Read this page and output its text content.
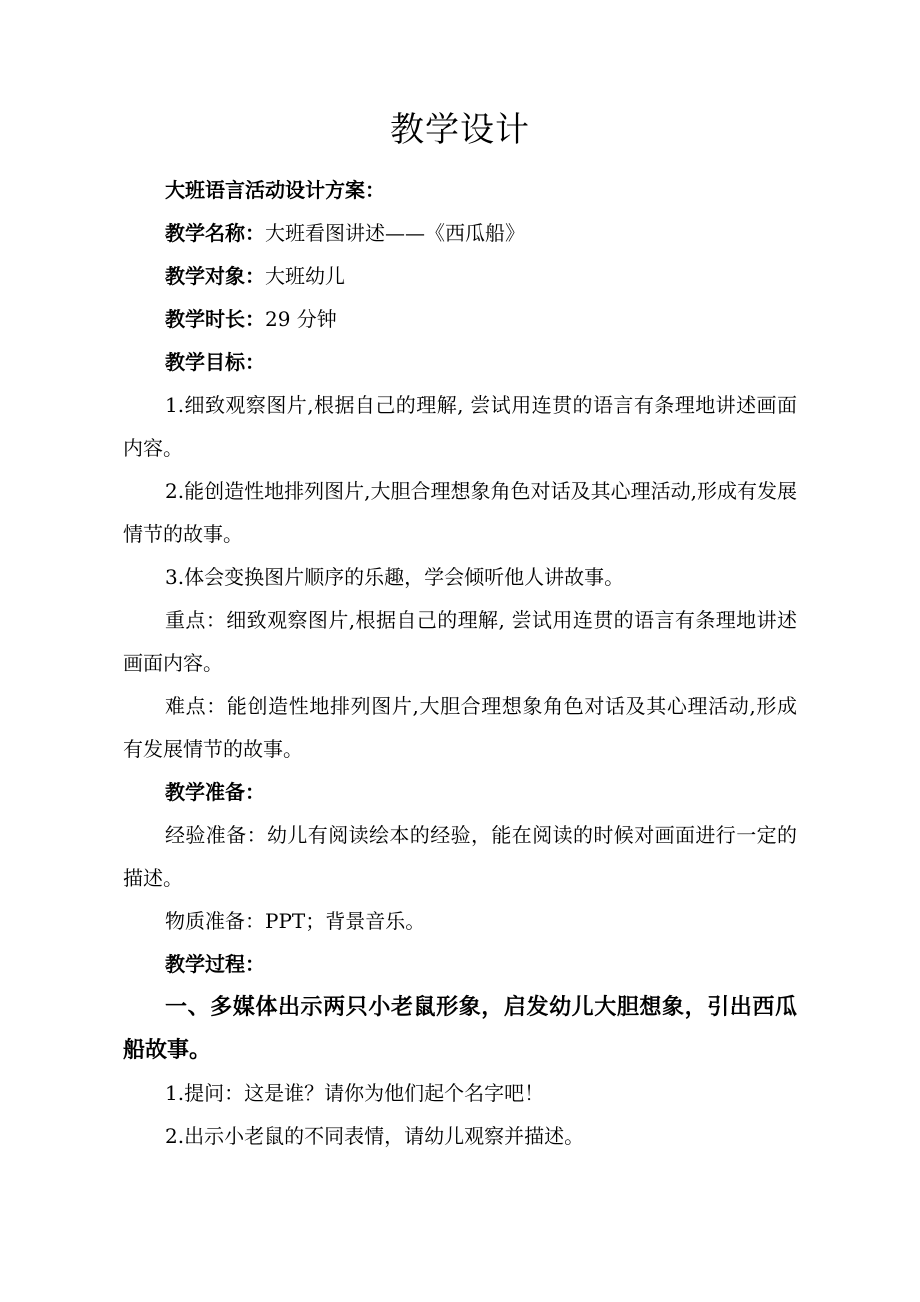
教学设计

大班语言活动设计方案：

教学名称：大班看图讲述——《西瓜船》

教学对象：大班幼儿

教学时长：29 分钟

教学目标：

1.细致观察图片,根据自己的理解, 尝试用连贯的语言有条理地讲述画面内容。

2.能创造性地排列图片,大胆合理想象角色对话及其心理活动,形成有发展情节的故事。

3.体会变换图片顺序的乐趣，学会倾听他人讲故事。

重点：细致观察图片,根据自己的理解, 尝试用连贯的语言有条理地讲述画面内容。

难点：能创造性地排列图片,大胆合理想象角色对话及其心理活动,形成有发展情节的故事。

教学准备：

经验准备：幼儿有阅读绘本的经验，能在阅读的时候对画面进行一定的描述。

物质准备：PPT；背景音乐。

教学过程：

一、多媒体出示两只小老鼠形象，启发幼儿大胆想象，引出西瓜船故事。

1.提问：这是谁？请你为他们起个名字吧！

2.出示小老鼠的不同表情，请幼儿观察并描述。
